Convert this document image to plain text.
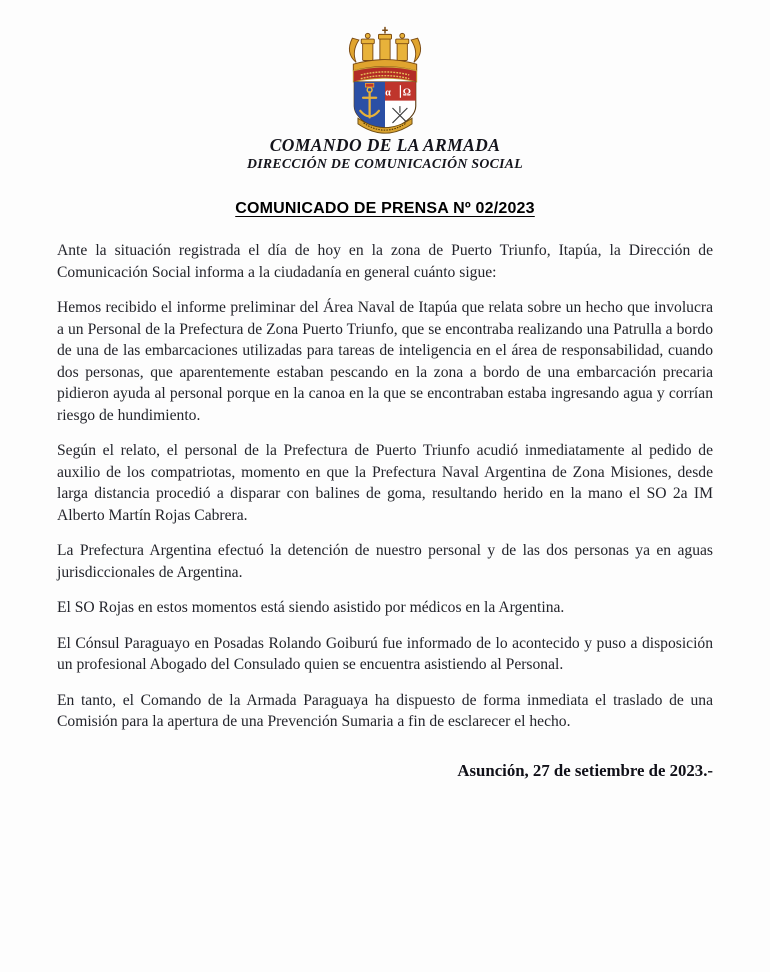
α Ω
COMANDO DE LA ARMADA
DIRECCIÓN DE COMUNICACIÓN SOCIAL
COMUNICADO DE PRENSA Nº 02/2023

Ante la situación registrada el día de hoy en la zona de Puerto Triunfo, Itapúa, la Dirección de Comunicación Social informa a la ciudadanía en general cuánto sigue:

Hemos recibido el informe preliminar del Área Naval de Itapúa que relata sobre un hecho que involucra a un Personal de la Prefectura de Zona Puerto Triunfo, que se encontraba realizando una Patrulla a bordo de una de las embarcaciones utilizadas para tareas de inteligencia en el área de responsabilidad, cuando dos personas, que aparentemente estaban pescando en la zona a bordo de una embarcación precaria pidieron ayuda al personal porque en la canoa en la que se encontraban estaba ingresando agua y corrían riesgo de hundimiento.

Según el relato, el personal de la Prefectura de Puerto Triunfo acudió inmediatamente al pedido de auxilio de los compatriotas, momento en que la Prefectura Naval Argentina de Zona Misiones, desde larga distancia procedió a disparar con balines de goma, resultando herido en la mano el SO 2a IM Alberto Martín Rojas Cabrera.

La Prefectura Argentina efectuó la detención de nuestro personal y de las dos personas ya en aguas jurisdiccionales de Argentina.

El SO Rojas en estos momentos está siendo asistido por médicos en la Argentina.

El Cónsul Paraguayo en Posadas Rolando Goiburú fue informado de lo acontecido y puso a disposición un profesional Abogado del Consulado quien se encuentra asistiendo al Personal.

En tanto, el Comando de la Armada Paraguaya ha dispuesto de forma inmediata el traslado de una Comisión para la apertura de una Prevención Sumaria a fin de esclarecer el hecho.

Asunción, 27 de setiembre de 2023.-
